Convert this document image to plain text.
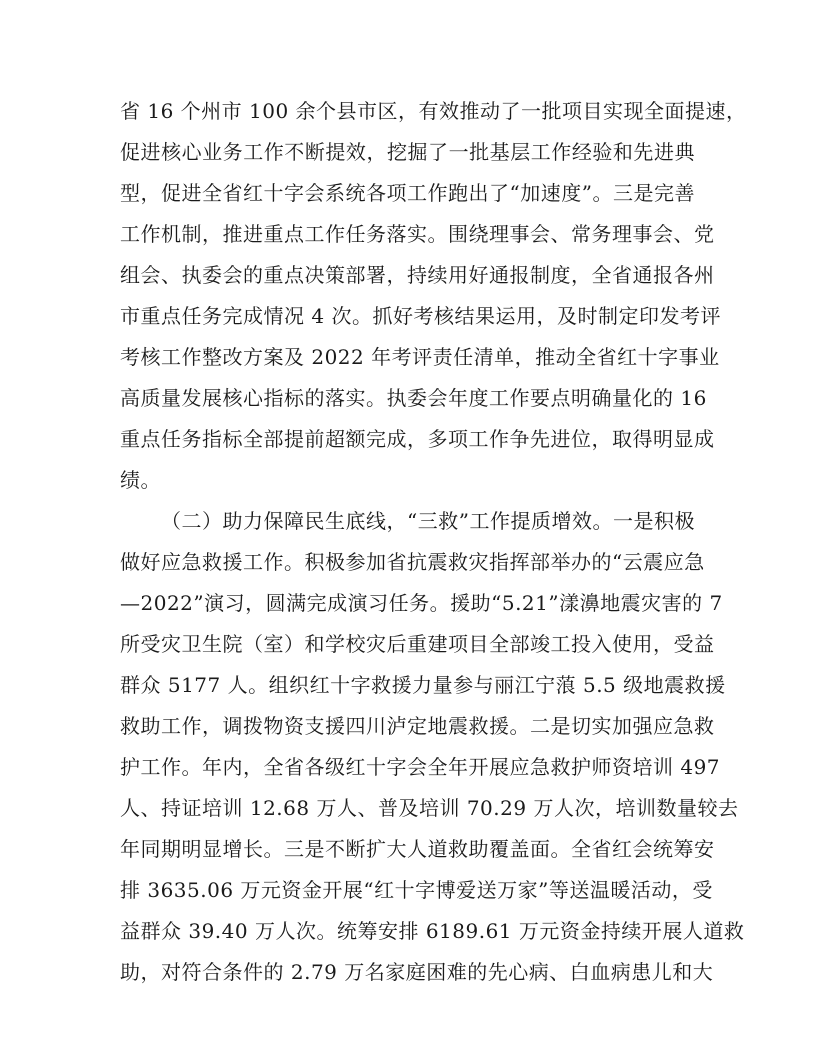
省 16 个州市 100 余个县市区，有效推动了一批项目实现全面提速，
促进核心业务工作不断提效，挖掘了一批基层工作经验和先进典
型，促进全省红十字会系统各项工作跑出了“加速度”。三是完善
工作机制，推进重点工作任务落实。围绕理事会、常务理事会、党
组会、执委会的重点决策部署，持续用好通报制度，全省通报各州
市重点任务完成情况 4 次。抓好考核结果运用，及时制定印发考评
考核工作整改方案及 2022 年考评责任清单，推动全省红十字事业
高质量发展核心指标的落实。执委会年度工作要点明确量化的 16
重点任务指标全部提前超额完成，多项工作争先进位，取得明显成
绩。
（二）助力保障民生底线，“三救”工作提质增效。一是积极
做好应急救援工作。积极参加省抗震救灾指挥部举办的“云震应急
—2022”演习，圆满完成演习任务。援助“5.21”漾濞地震灾害的 7
所受灾卫生院（室）和学校灾后重建项目全部竣工投入使用，受益
群众 5177 人。组织红十字救援力量参与丽江宁蒗 5.5 级地震救援
救助工作，调拨物资支援四川泸定地震救援。二是切实加强应急救
护工作。年内，全省各级红十字会全年开展应急救护师资培训 497
人、持证培训 12.68 万人、普及培训 70.29 万人次，培训数量较去
年同期明显增长。三是不断扩大人道救助覆盖面。全省红会统筹安
排 3635.06 万元资金开展“红十字博爱送万家”等送温暖活动，受
益群众 39.40 万人次。统筹安排 6189.61 万元资金持续开展人道救
助，对符合条件的 2.79 万名家庭困难的先心病、白血病患儿和大
